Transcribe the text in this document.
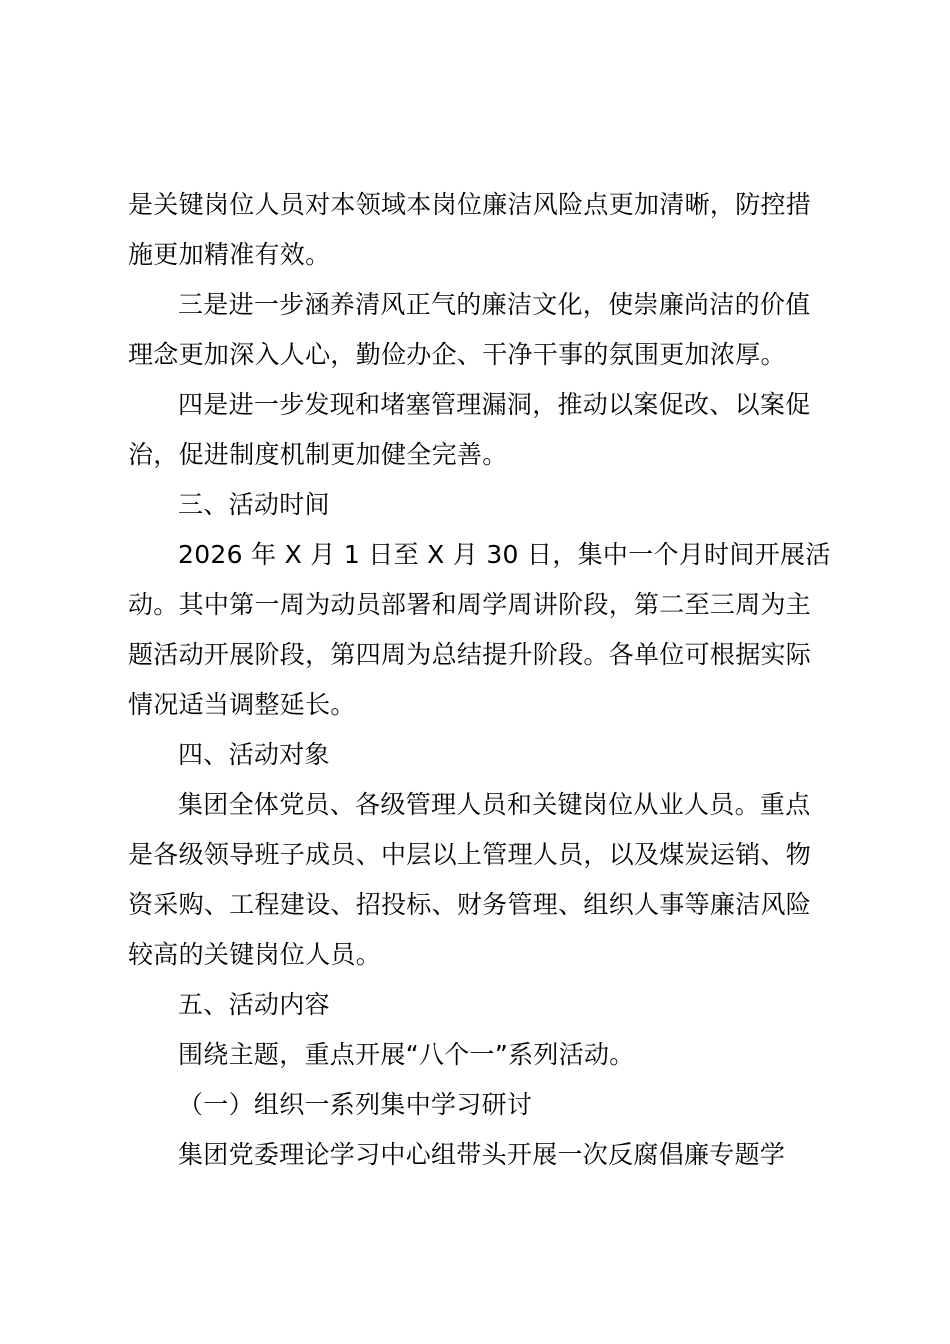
是关键岗位人员对本领域本岗位廉洁风险点更加清晰，防控措
施更加精准有效。
三是进一步涵养清风正气的廉洁文化，使崇廉尚洁的价值
理念更加深入人心，勤俭办企、干净干事的氛围更加浓厚。
四是进一步发现和堵塞管理漏洞，推动以案促改、以案促
治，促进制度机制更加健全完善。
三、活动时间
2026 年 X 月 1 日至 X 月 30 日，集中一个月时间开展活
动。其中第一周为动员部署和周学周讲阶段，第二至三周为主
题活动开展阶段，第四周为总结提升阶段。各单位可根据实际
情况适当调整延长。
四、活动对象
集团全体党员、各级管理人员和关键岗位从业人员。重点
是各级领导班子成员、中层以上管理人员，以及煤炭运销、物
资采购、工程建设、招投标、财务管理、组织人事等廉洁风险
较高的关键岗位人员。
五、活动内容
围绕主题，重点开展“八个一”系列活动。
（一）组织一系列集中学习研讨
集团党委理论学习中心组带头开展一次反腐倡廉专题学
